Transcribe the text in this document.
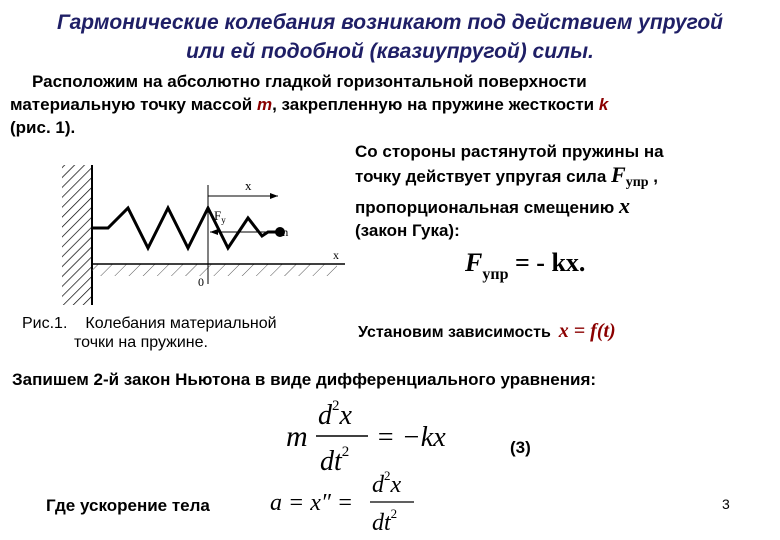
Гармонические колебания возникают под действием упругой
или ей подобной (квазиупругой) силы.
Расположим на абсолютно гладкой горизонтальной поверхности
материальную точку массой m, закрепленную на пружине жесткости k
(рис. 1).
Со стороны растянутой пружины на
точку действует упругая сила $F_{упр}$ ,
пропорциональная смещению x
(закон Гука):
$F_{упр}$ = - kx.
x
$F_y$
m
x
0
Рис.1. Колебания материальной
точки на пружине.
Установим зависимость x = f(t)
Запишем 2-й закон Ньютона в виде дифференциального уравнения:
m
$d^2x$
$dt^2 = -kx$	(3)
Где ускорение тела	a = x″ =
$d^2x$
$dt^2$
3
